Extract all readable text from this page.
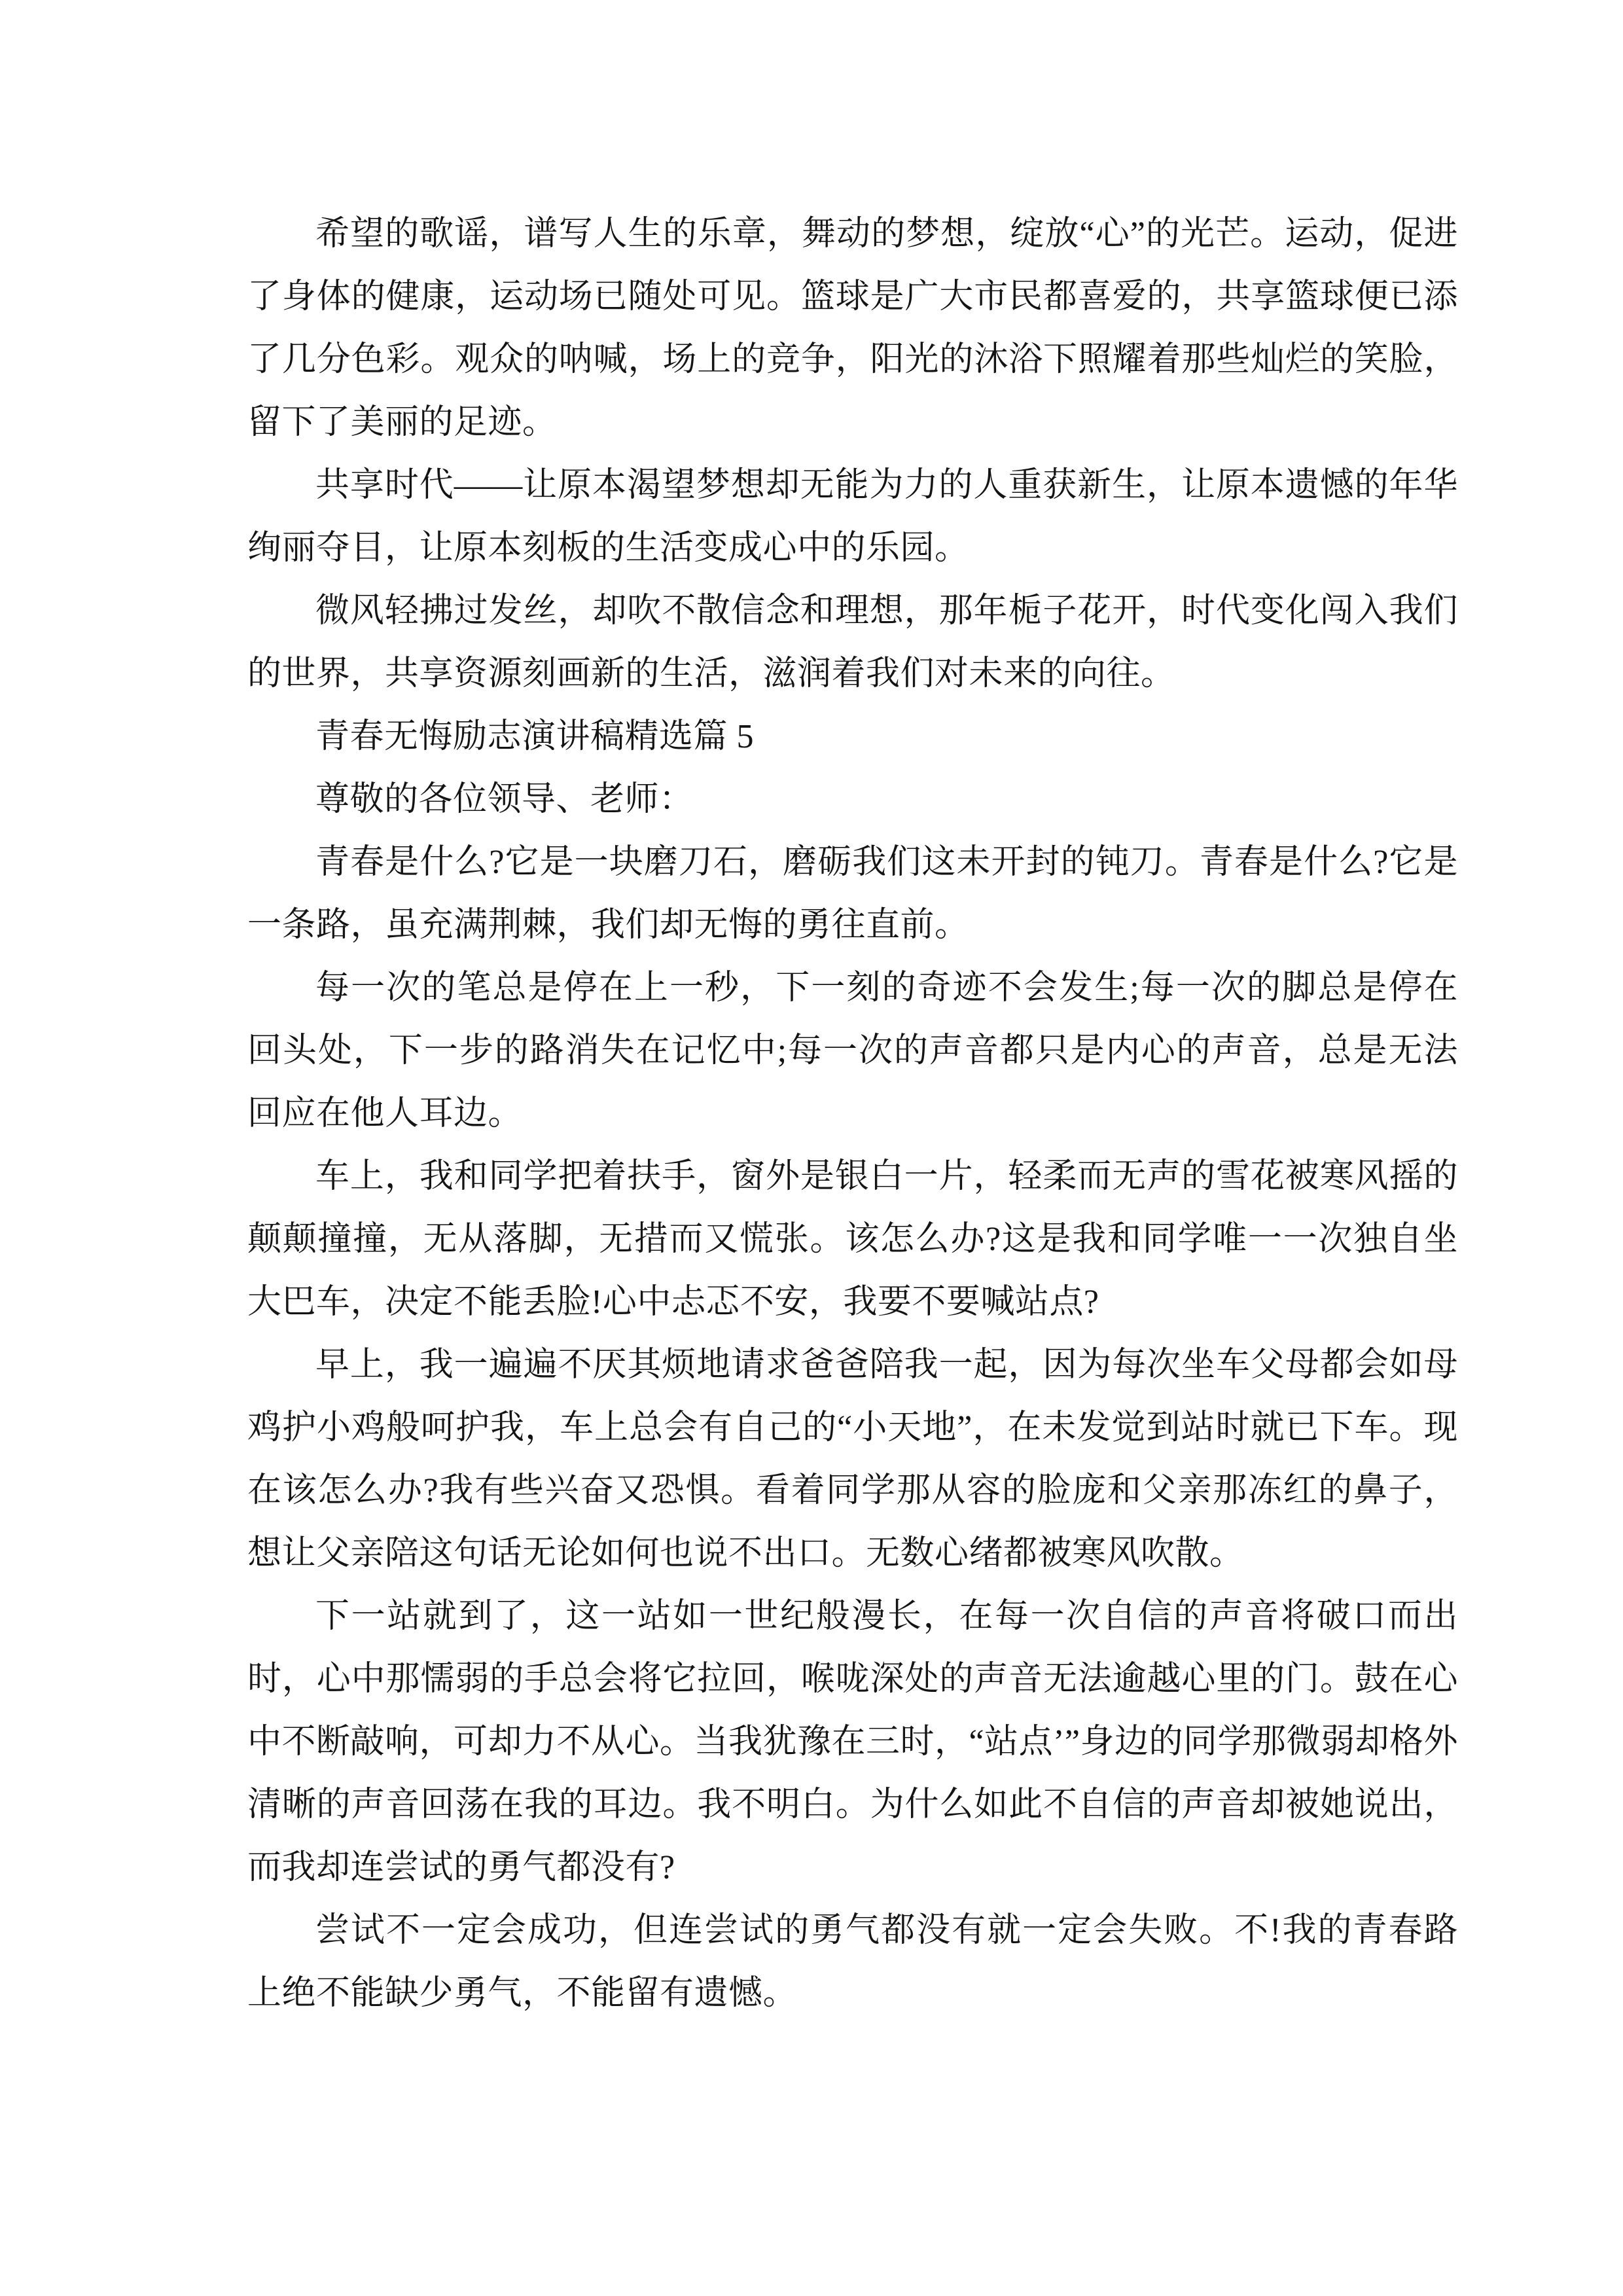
希望的歌谣，谱写人生的乐章，舞动的梦想，绽放“心”的光芒。运动，促进了身体的健康，运动场已随处可见。篮球是广大市民都喜爱的，共享篮球便已添了几分色彩。观众的呐喊，场上的竞争，阳光的沐浴下照耀着那些灿烂的笑脸，留下了美丽的足迹。

共享时代——让原本渴望梦想却无能为力的人重获新生，让原本遗憾的年华绚丽夺目，让原本刻板的生活变成心中的乐园。

微风轻拂过发丝，却吹不散信念和理想，那年栀子花开，时代变化闯入我们的世界，共享资源刻画新的生活，滋润着我们对未来的向往。

青春无悔励志演讲稿精选篇 5

尊敬的各位领导、老师：

青春是什么?它是一块磨刀石，磨砺我们这未开封的钝刀。青春是什么?它是一条路，虽充满荆棘，我们却无悔的勇往直前。

每一次的笔总是停在上一秒，下一刻的奇迹不会发生;每一次的脚总是停在回头处，下一步的路消失在记忆中;每一次的声音都只是内心的声音，总是无法回应在他人耳边。

车上，我和同学把着扶手，窗外是银白一片，轻柔而无声的雪花被寒风摇的颠颠撞撞，无从落脚，无措而又慌张。该怎么办?这是我和同学唯一一次独自坐大巴车，决定不能丢脸!心中忐忑不安，我要不要喊站点?

早上，我一遍遍不厌其烦地请求爸爸陪我一起，因为每次坐车父母都会如母鸡护小鸡般呵护我，车上总会有自己的“小天地”，在未发觉到站时就已下车。现在该怎么办?我有些兴奋又恐惧。看着同学那从容的脸庞和父亲那冻红的鼻子，想让父亲陪这句话无论如何也说不出口。无数心绪都被寒风吹散。

下一站就到了，这一站如一世纪般漫长，在每一次自信的声音将破口而出时，心中那懦弱的手总会将它拉回，喉咙深处的声音无法逾越心里的门。鼓在心中不断敲响，可却力不从心。当我犹豫在三时，“站点’”身边的同学那微弱却格外清晰的声音回荡在我的耳边。我不明白。为什么如此不自信的声音却被她说出，而我却连尝试的勇气都没有?

尝试不一定会成功，但连尝试的勇气都没有就一定会失败。不!我的青春路上绝不能缺少勇气，不能留有遗憾。
